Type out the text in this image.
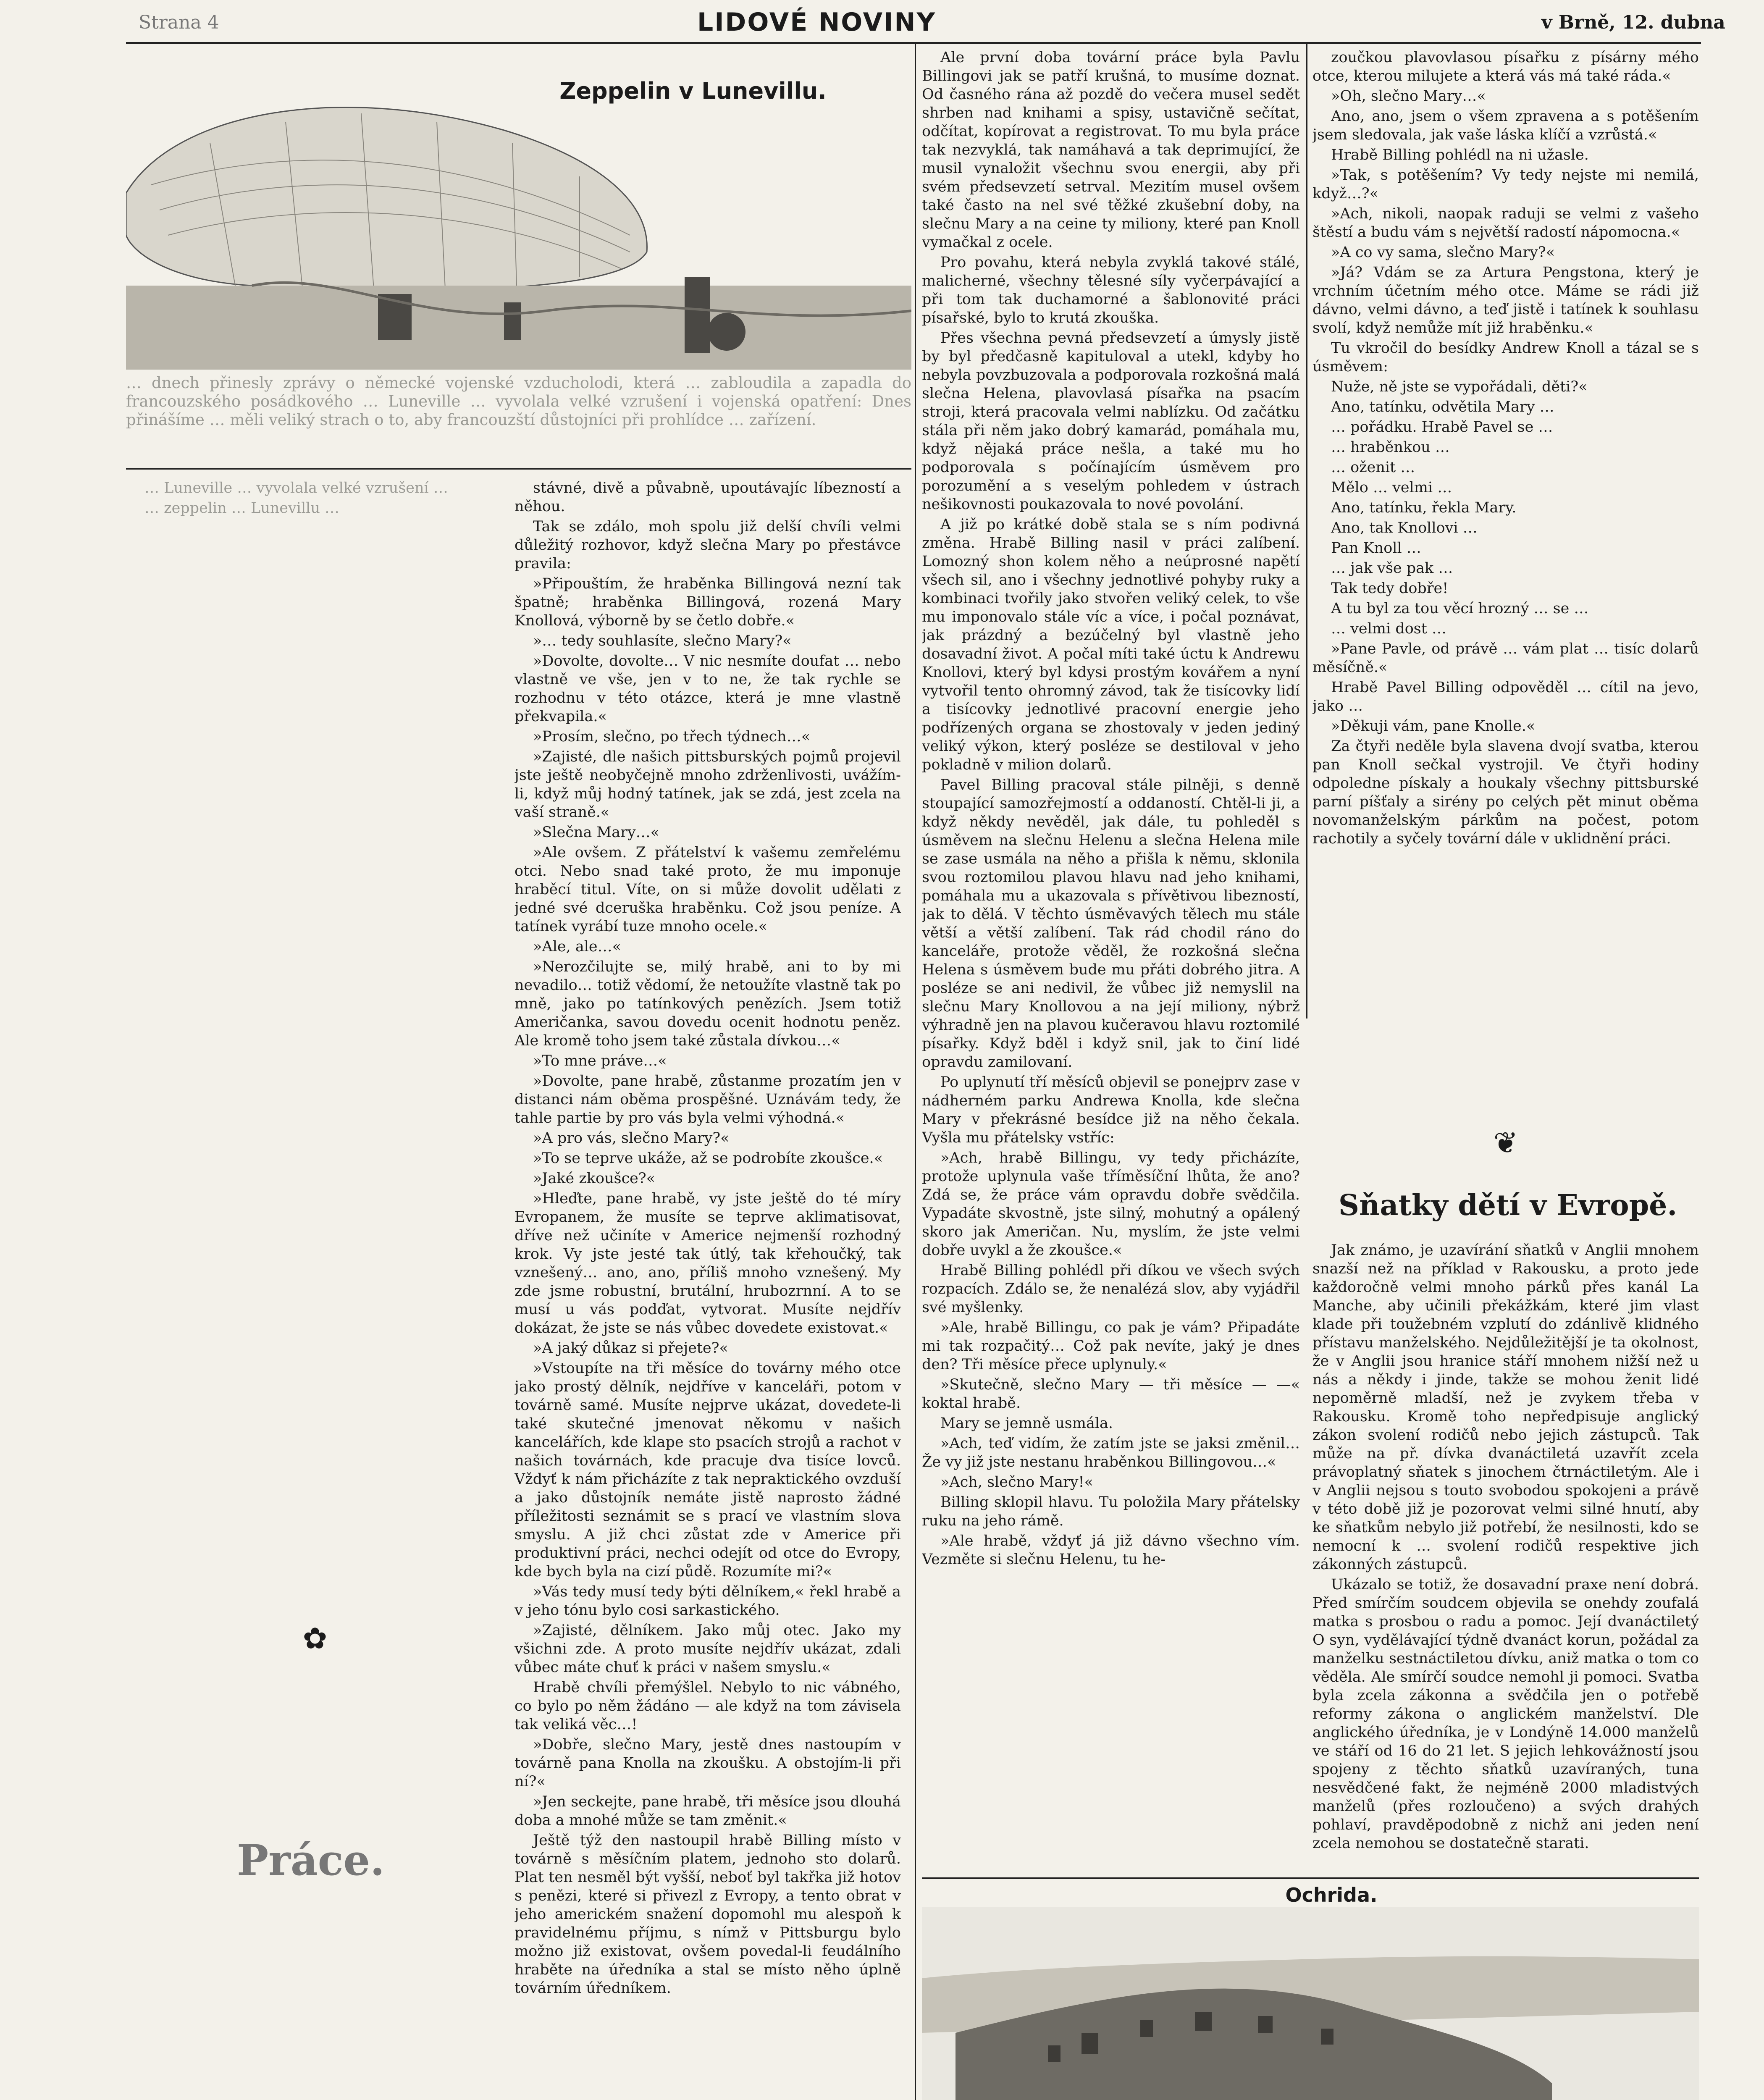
Strana 4	LIDOVÉ NOVINY	v Brně, 12. dubna
Zeppelin v Lunevillu.
… dnech přinesly zprávy o německé vojenské vzducholodi, která … zabloudila a zapadla do francouzského posádkového … Luneville … vyvolala velké vzrušení i vojenská opatření: Dnes přinášíme … měli veliký strach o to, aby francouzští důstojníci při prohlídce … zařízení.

… Luneville … vyvolala velké vzrušení …

… zeppelin … Lunevillu …

✿
Práce.

stávné, divě a půvabně, upoutávajíc líbezností a něhou.

Tak se zdálo, moh spolu již delší chvíli velmi důležitý rozhovor, když slečna Mary po přestávce pravila:

»Připouštím, že hraběnka Billingová nezní tak špatně; hraběnka Billingová, rozená Mary Knollová, výborně by se četlo dobře.«

»… tedy souhlasíte, slečno Mary?«

»Dovolte, dovolte… V nic nesmíte doufat … nebo vlastně ve vše, jen v to ne, že tak rychle se rozhodnu v této otázce, která je mne vlastně překvapila.«

»Prosím, slečno, po třech týdnech…«

»Zajisté, dle našich pittsburských pojmů projevil jste ještě neobyčejně mnoho zdrženlivosti, uvážím-li, když můj hodný tatínek, jak se zdá, jest zcela na vaší straně.«

»Slečna Mary…«

»Ale ovšem. Z přátelství k vašemu zemřelému otci. Nebo snad také proto, že mu imponuje hraběcí titul. Víte, on si může dovolit udělati z jedné své dceruška hraběnku. Což jsou peníze. A tatínek vyrábí tuze mnoho ocele.«

»Ale, ale…«

»Nerozčilujte se, milý hrabě, ani to by mi nevadilo… totiž vědomí, že netoužíte vlastně tak po mně, jako po tatínkových penězích. Jsem totiž Američanka, savou dovedu ocenit hodnotu peněz. Ale kromě toho jsem také zůstala dívkou…«

»To mne práve…«

»Dovolte, pane hrabě, zůstanme prozatím jen v distanci nám oběma prospěšné. Uznávám tedy, že tahle partie by pro vás byla velmi výhodná.«

»A pro vás, slečno Mary?«

»To se teprve ukáže, až se podrobíte zkoušce.«

»Jaké zkoušce?«

»Hleďte, pane hrabě, vy jste ještě do té míry Evropanem, že musíte se teprve aklimatisovat, dříve než učiníte v Americe nejmenší rozhodný krok. Vy jste jesté tak útlý, tak křehoučký, tak vznešený… ano, ano, příliš mnoho vznešený. My zde jsme robustní, brutální, hrubozrnní. A to se musí u vás podďat, vytvorat. Musíte nejdřív dokázat, že jste se nás vůbec dovedete existovat.«

»A jaký důkaz si přejete?«

»Vstoupíte na tři měsíce do továrny mého otce jako prostý dělník, nejdříve v kanceláři, potom v továrně samé. Musíte nejprve ukázat, dovedete-li také skutečné jmenovat někomu v našich kancelářích, kde klape sto psacích strojů a rachot v našich továrnách, kde pracuje dva tisíce lovců. Vždyť k nám přicházíte z tak nepraktického ovzduší a jako důstojník nemáte jistě naprosto žádné příležitosti seznámit se s prací ve vlastním slova smyslu. A již chci zůstat zde v Americe při produktivní práci, nechci odejít od otce do Evropy, kde bych byla na cizí půdě. Rozumíte mi?«

»Vás tedy musí tedy býti dělníkem,« řekl hrabě a v jeho tónu bylo cosi sarkastického.

»Zajisté, dělníkem. Jako můj otec. Jako my všichni zde. A proto musíte nejdřív ukázat, zdali vůbec máte chuť k práci v našem smyslu.«

Hrabě chvíli přemýšlel. Nebylo to nic vábného, co bylo po něm žádáno — ale když na tom závisela tak veliká věc…!

»Dobře, slečno Mary, jestě dnes nastoupím v továrně pana Knolla na zkoušku. A obstojím-li při ní?«

»Jen seckejte, pane hrabě, tři měsíce jsou dlouhá doba a mnohé může se tam změnit.«

Ještě týž den nastoupil hrabě Billing místo v továrně s měsíčním platem, jednoho sto dolarů. Plat ten nesměl být vyšší, neboť byl takřka již hotov s penězi, které si přivezl z Evropy, a tento obrat v jeho americkém snažení dopomohl mu alespoň k pravidelnému příjmu, s nímž v Pittsburgu bylo možno již existovat, ovšem povedal-li feudálního hraběte na úředníka a stal se místo něho úplně továrním úředníkem.

Ale první doba tovární práce byla Pavlu Billingovi jak se patří krušná, to musíme doznat. Od časného rána až pozdě do večera musel sedět shrben nad knihami a spisy, ustavičně sečítat, odčítat, kopírovat a registrovat. To mu byla práce tak nezvyklá, tak namáhavá a tak deprimující, že musil vynaložit všechnu svou energii, aby při svém předsevzetí setrval. Mezitím musel ovšem také často na nel své těžké zkušební doby, na slečnu Mary a na ceine ty miliony, které pan Knoll vymačkal z ocele.

Pro povahu, která nebyla zvyklá takové stálé, malicherné, všechny tělesné síly vyčerpávající a při tom tak duchamorné a šablonovité práci písařské, bylo to krutá zkouška.

Přes všechna pevná předsevzetí a úmysly jistě by byl předčasně kapituloval a utekl, kdyby ho nebyla povzbuzovala a podporovala rozkošná malá slečna Helena, plavovlasá písařka na psacím stroji, která pracovala velmi nablízku. Od začátku stála při něm jako dobrý kamarád, pomáhala mu, když nějaká práce nešla, a také mu ho podporovala s počínajícím úsměvem pro porozumění a s veselým pohledem v ústrach nešikovnosti poukazovala to nové povolání.

A již po krátké době stala se s ním podivná změna. Hrabě Billing nasil v práci zalíbení. Lomozný shon kolem něho a neúprosné napětí všech sil, ano i všechny jednotlivé pohyby ruky a kombinaci tvořily jako stvořen veliký celek, to vše mu imponovalo stále víc a více, i počal poznávat, jak prázdný a bezúčelný byl vlastně jeho dosavadní život. A počal míti také úctu k Andrewu Knollovi, který byl kdysi prostým kovářem a nyní vytvořil tento ohromný závod, tak že tisícovky lidí a tisícovky jednotlivé pracovní energie jeho podřízených organa se zhostovaly v jeden jediný veliký výkon, který posléze se destiloval v jeho pokladně v milion dolarů.

Pavel Billing pracoval stále pilněji, s denně stoupající samozřejmostí a oddaností. Chtěl-li ji, a když někdy nevěděl, jak dále, tu pohleděl s úsměvem na slečnu Helenu a slečna Helena mile se zase usmála na něho a přišla k němu, sklonila svou roztomilou plavou hlavu nad jeho knihami, pomáhala mu a ukazovala s přívětivou libezností, jak to dělá. V těchto úsměvavých tělech mu stále větší a větší zalíbení. Tak rád chodil ráno do kanceláře, protože věděl, že rozkošná slečna Helena s úsměvem bude mu přáti dobrého jitra. A posléze se ani nedivil, že vůbec již nemyslil na slečnu Mary Knollovou a na její miliony, nýbrž výhradně jen na plavou kučeravou hlavu roztomilé písařky. Když bděl i když snil, jak to činí lidé opravdu zamilovaní.

Po uplynutí tří měsíců objevil se ponejprv zase v nádherném parku Andrewa Knolla, kde slečna Mary v překrásné besídce již na něho čekala. Vyšla mu přátelsky vstříc:

»Ach, hrabě Billingu, vy tedy přicházíte, protože uplynula vaše tříměsíční lhůta, že ano? Zdá se, že práce vám opravdu dobře svědčila. Vypadáte skvostně, jste silný, mohutný a opálený skoro jak Američan. Nu, myslím, že jste velmi dobře uvykl a že zkoušce.«

Hrabě Billing pohlédl při díkou ve všech svých rozpacích. Zdálo se, že nenalézá slov, aby vyjádřil své myšlenky.

»Ale, hrabě Billingu, co pak je vám? Připadáte mi tak rozpačitý… Což pak nevíte, jaký je dnes den? Tři měsíce přece uplynuly.«

»Skutečně, slečno Mary — tři měsíce — —« koktal hrabě.

Mary se jemně usmála.

»Ach, teď vidím, že zatím jste se jaksi změnil… Že vy již jste nestanu hraběnkou Billingovou…«

»Ach, slečno Mary!«

Billing sklopil hlavu. Tu položila Mary přátelsky ruku na jeho rámě.

»Ale hrabě, vždyť já již dávno všechno vím. Vezměte si slečnu Helenu, tu he-

zoučkou plavovlasou písařku z písárny mého otce, kterou milujete a která vás má také ráda.«

»Oh, slečno Mary…«

Ano, ano, jsem o všem zpravena a s potěšením jsem sledovala, jak vaše láska klíčí a vzrůstá.«

Hrabě Billing pohlédl na ni užasle.

»Tak, s potěšením? Vy tedy nejste mi nemilá, když…?«

»Ach, nikoli, naopak raduji se velmi z vašeho štěstí a budu vám s největší radostí nápomocna.«

»A co vy sama, slečno Mary?«

»Já? Vdám se za Artura Pengstona, který je vrchním účetním mého otce. Máme se rádi již dávno, velmi dávno, a teď jistě i tatínek k souhlasu svolí, když nemůže mít již hraběnku.«

Tu vkročil do besídky Andrew Knoll a tázal se s úsměvem:

Nuže, ně jste se vypořádali, děti?«

Ano, tatínku, odvětila Mary …

… pořádku. Hrabě Pavel se …

… hraběnkou …

… oženit …

Mělo … velmi …

Ano, tatínku, řekla Mary.

Ano, tak Knollovi …

Pan Knoll …

… jak vše pak …

Tak tedy dobře!

A tu byl za tou věcí hrozný … se …

… velmi dost …

»Pane Pavle, od právě … vám plat … tisíc dolarů měsíčně.«

Hrabě Pavel Billing odpověděl … cítil na jevo, jako …

»Děkuji vám, pane Knolle.«

Za čtyři neděle byla slavena dvojí svatba, kterou pan Knoll sečkal vystrojil. Ve čtyři hodiny odpoledne pískaly a houkaly všechny pittsburské parní píšťaly a sirény po celých pět minut oběma novomanželským párkům na počest, potom rachotily a syčely tovární dále v uklidnění práci.

❦
Sňatky dětí v Evropě.

Jak známo, je uzavírání sňatků v Anglii mnohem snazší než na příklad v Rakousku, a proto jede každoročně velmi mnoho párků přes kanál La Manche, aby učinili překážkám, které jim vlast klade při toužebném vzplutí do zdánlivě klidného přístavu manželského. Nejdůležitější je ta okolnost, že v Anglii jsou hranice stáří mnohem nižší než u nás a někdy i jinde, takže se mohou ženit lidé nepoměrně mladší, než je zvykem třeba v Rakousku. Kromě toho nepředpisuje anglický zákon svolení rodičů nebo jejich zástupců. Tak může na př. dívka dvanáctiletá uzavřít zcela právoplatný sňatek s jinochem čtrnáctiletým. Ale i v Anglii nejsou s touto svobodou spokojeni a právě v této době již je pozorovat velmi silné hnutí, aby ke sňatkům nebylo již potřebí, že nesilnosti, kdo se nemocní k … svolení rodičů respektive jich zákonných zástupců.

Ukázalo se totiž, že dosavadní praxe není dobrá. Před smírčím soudcem objevila se onehdy zoufalá matka s prosbou o radu a pomoc. Její dvanáctiletý O syn, vydělávající týdně dvanáct korun, požádal za manželku sestnáctiletou dívku, aniž matka o tom co věděla. Ale smírčí soudce nemohl ji pomoci. Svatba byla zcela zákonna a svědčila jen o potřebě reformy zákona o anglickém manželství. Dle anglického úředníka, je v Londýně 14.000 manželů ve stáří od 16 do 21 let. S jejich lehkovážností jsou spojeny z těchto sňatků uzavíraných, tuna nesvědčené fakt, že nejméně 2000 mladistvých manželů (přes rozloučeno) a svých drahých pohlaví, pravděpodobně z nichž ani jeden není zcela nemohou se dostatečně starati.

Ochrida.
